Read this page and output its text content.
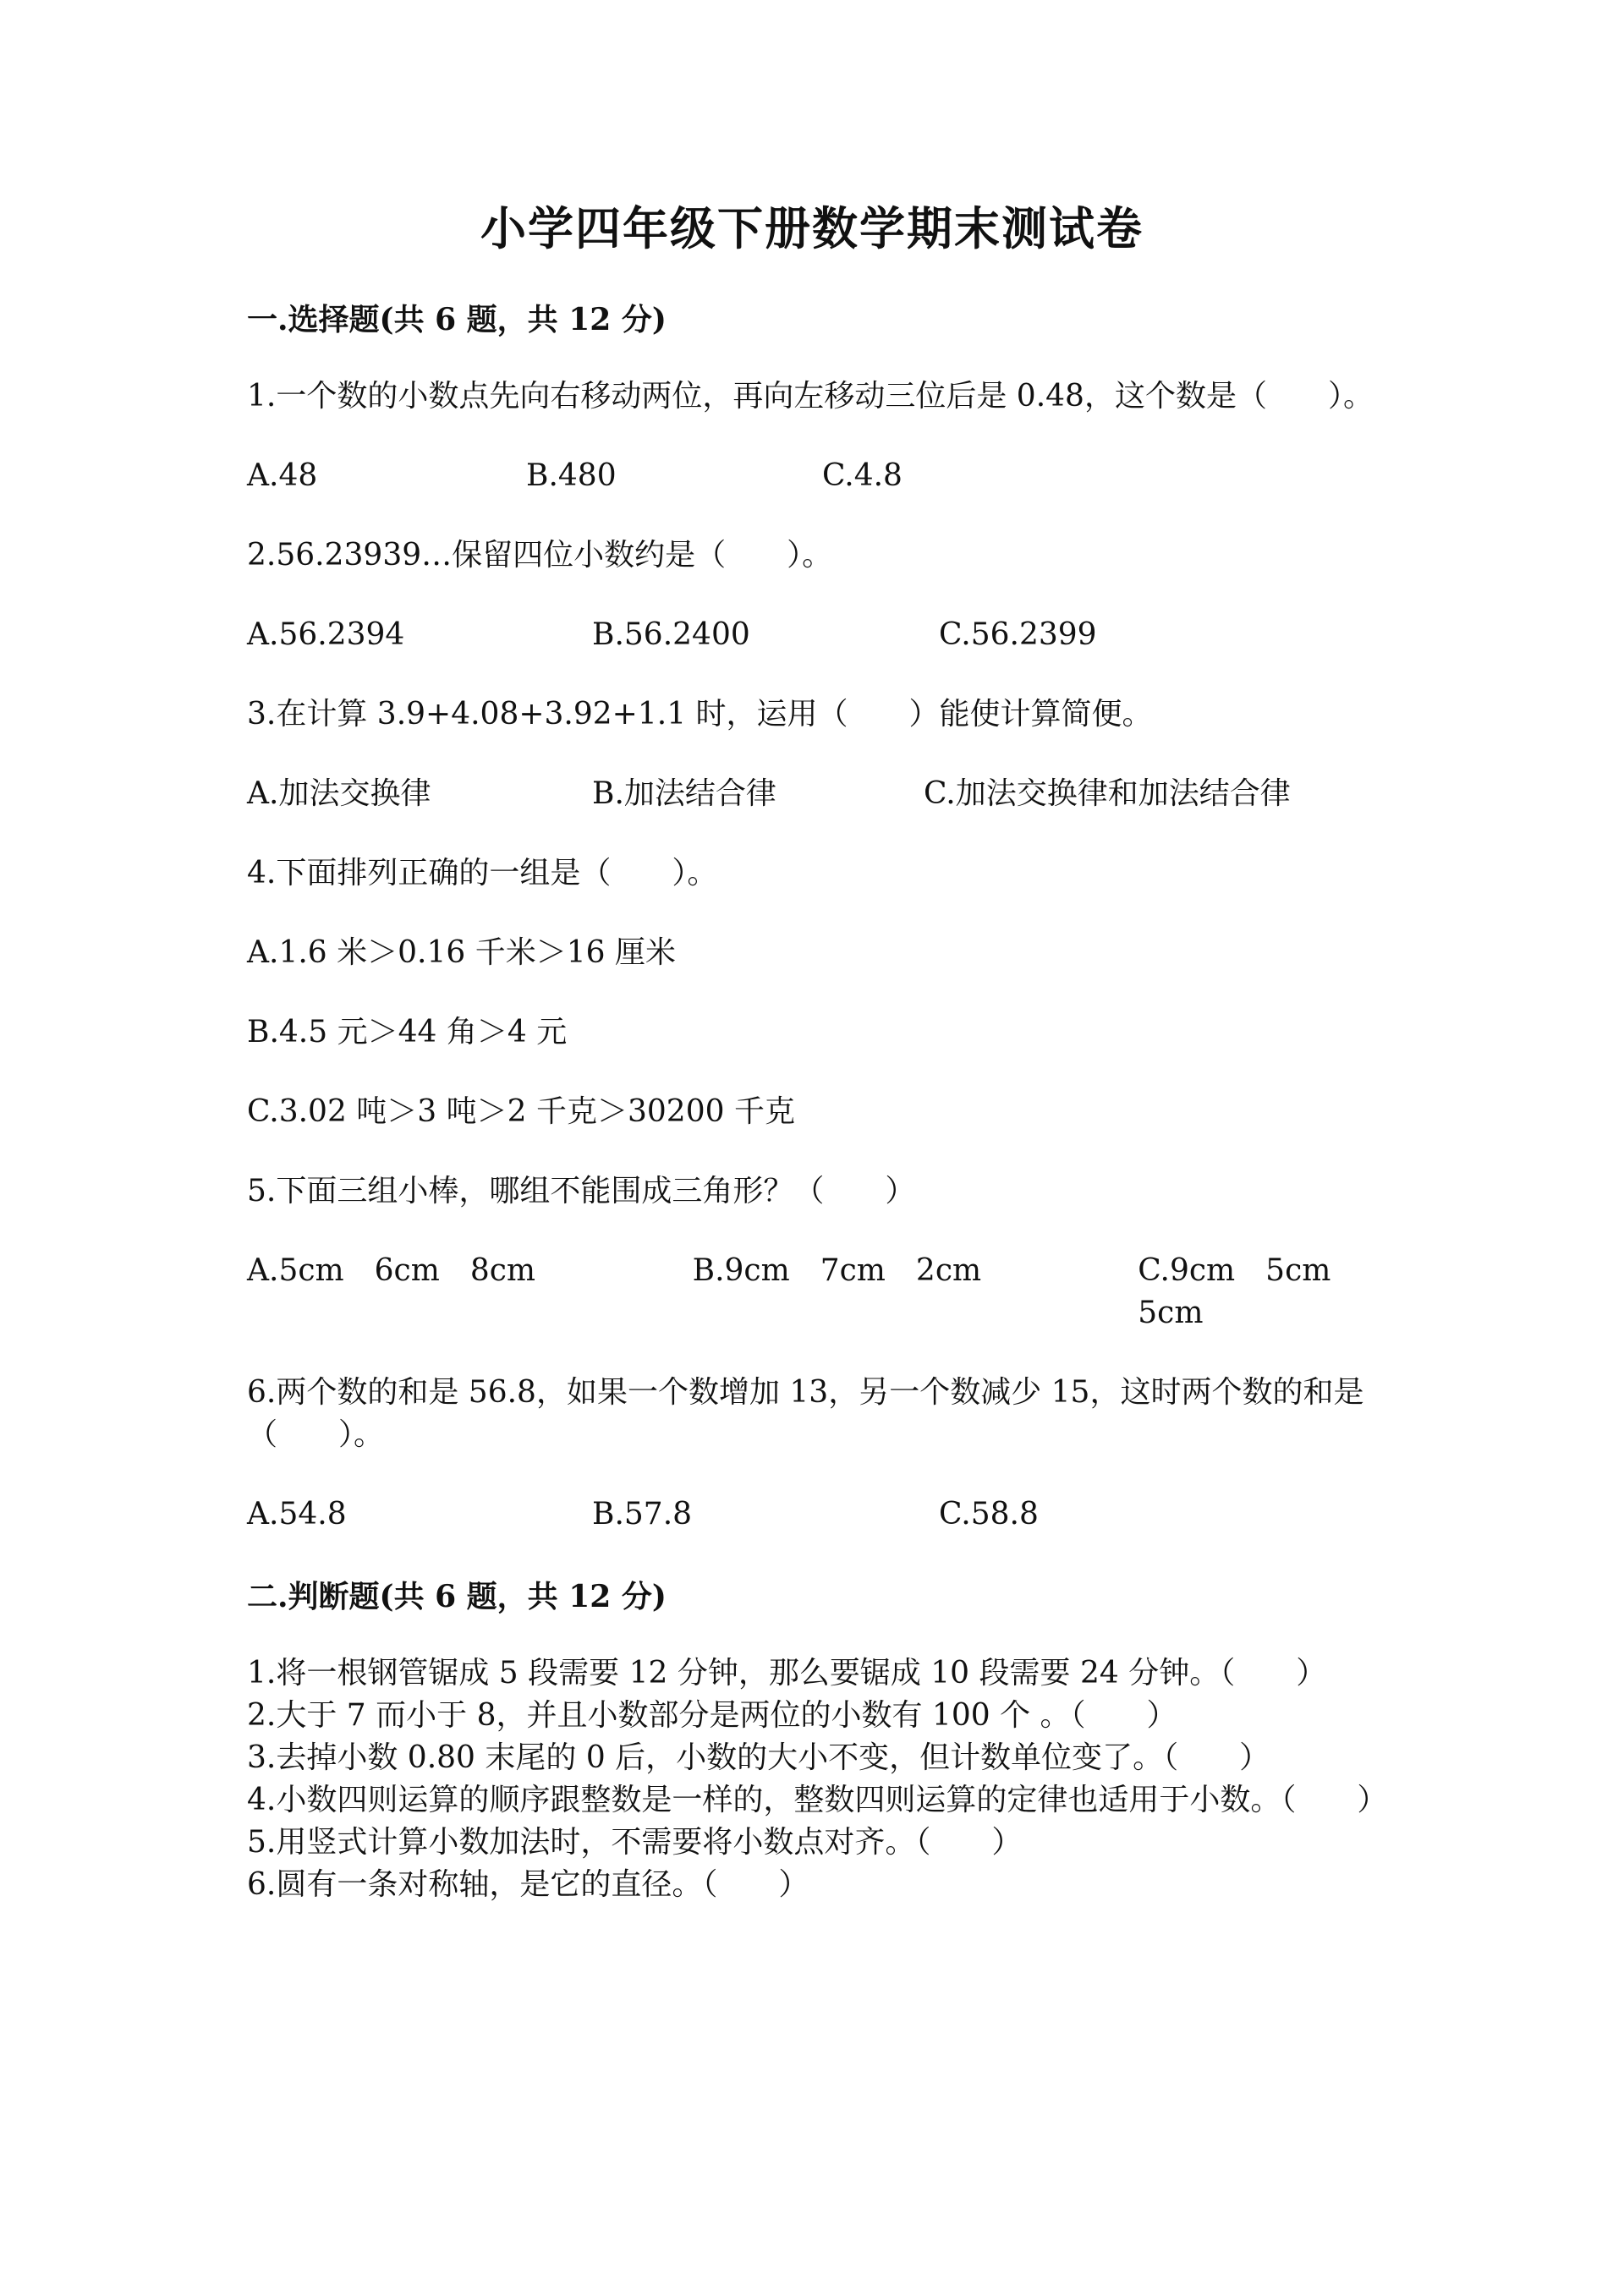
小学四年级下册数学期末测试卷
一.选择题(共 6 题，共 12 分)
1.一个数的小数点先向右移动两位，再向左移动三位后是 0.48，这个数是（　　）。
A.48	B.480	C.4.8
2.56.23939…保留四位小数约是（　　）。
A.56.2394	B.56.2400	C.56.2399
3.在计算 3.9+4.08+3.92+1.1 时，运用（　　）能使计算简便。
A.加法交换律	B.加法结合律	C.加法交换律和加法结合律
4.下面排列正确的一组是（　　）。
A.1.6 米＞0.16 千米＞16 厘米
B.4.5 元＞44 角＞4 元
C.3.02 吨＞3 吨＞2 千克＞30200 千克
5.下面三组小棒，哪组不能围成三角形？（　　）
A.5cm　6cm　8cm	B.9cm　7cm　2cm	C.9cm　5cm　5cm
6.两个数的和是 56.8，如果一个数增加 13，另一个数减少 15，这时两个数的和是（　　）。
A.54.8	B.57.8	C.58.8
二.判断题(共 6 题，共 12 分)
1.将一根钢管锯成 5 段需要 12 分钟，那么要锯成 10 段需要 24 分钟。（　　）
2.大于 7 而小于 8，并且小数部分是两位的小数有 100 个 。（　　）
3.去掉小数 0.80 末尾的 0 后，小数的大小不变，但计数单位变了。（　　）
4.小数四则运算的顺序跟整数是一样的，整数四则运算的定律也适用于小数。（　　）
5.用竖式计算小数加法时，不需要将小数点对齐。（　　）
6.圆有一条对称轴，是它的直径。（　　）
